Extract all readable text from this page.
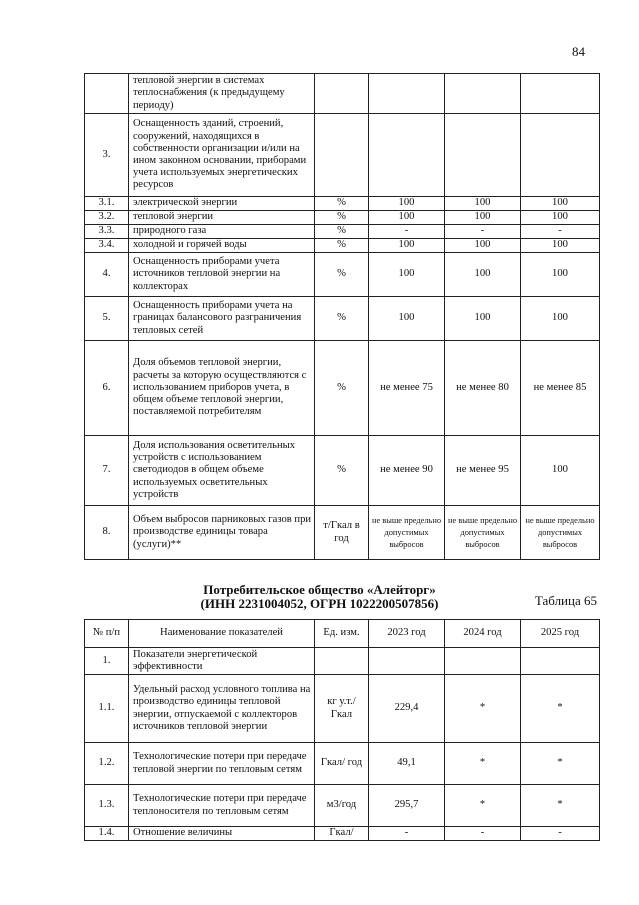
84
	тепловой энергии в системах теплоснабжения (к предыдущему периоду)				
3.	Оснащенность зданий, строений, сооружений, находящихся в собственности организации и/или на ином законном основании, приборами учета используемых энергетических ресурсов				
3.1.	электрической энергии	%	100	100	100
3.2.	тепловой энергии	%	100	100	100
3.3.	природного газа	%	-	-	-
3.4.	холодной и горячей воды	%	100	100	100
4.	Оснащенность приборами учета источников тепловой энергии на коллекторах	%	100	100	100
5.	Оснащенность приборами учета на границах балансового разграничения тепловых сетей	%	100	100	100
6.	Доля объемов тепловой энергии, расчеты за которую осуществляются с использованием приборов учета, в общем объеме тепловой энергии, поставляемой потребителям	%	не менее 75	не менее 80	не менее 85
7.	Доля использования осветительных устройств с использованием светодиодов в общем объеме используемых осветительных устройств	%	не менее 90	не менее 95	100
8.	Объем выбросов парниковых газов при производстве единицы товара (услуги)**	т/Гкал в год	не выше предельно допустимых выбросов	не выше предельно допустимых выбросов	не выше предельно допустимых выбросов
Потребительское общество «Алейторг»
(ИНН 2231004052, ОГРН 1022200507856)	Таблица 65
№ п/п	Наименование показателей	Ед. изм.	2023 год	2024 год	2025 год
1.	Показатели энергетической эффективности				
1.1.	Удельный расход условного топлива на производство единицы тепловой энергии, отпускаемой с коллекторов источников тепловой энергии	кг у.т./ Гкал	229,4	*	*
1.2.	Технологические потери при передаче тепловой энергии по тепловым сетям	Гкал/ год	49,1	*	*
1.3.	Технологические потери при передаче теплоносителя по тепловым сетям	м3/год	295,7	*	*
1.4.	Отношение величины	Гкал/	-	-	-
